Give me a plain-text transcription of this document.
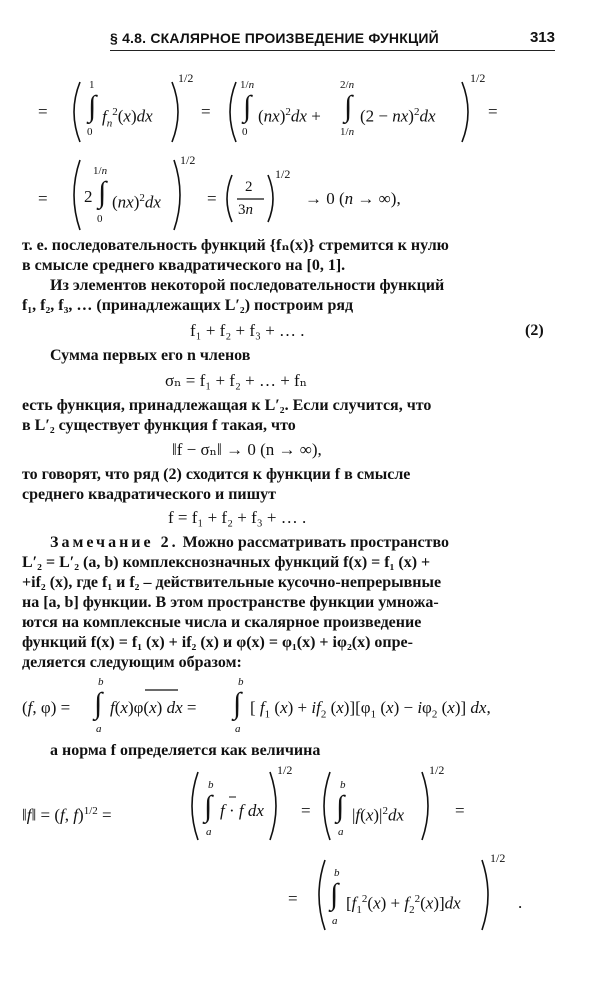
§ 4.8. СКАЛЯРНОЕ ПРОИЗВЕДЕНИЕ ФУНКЦИЙ	313
= ∫
1
0
$f_n^2(x)dx$
1/2
= ∫
1/n
0
(nx)$^2$dx + ∫
2/n
1/n
(2 − nx)$^2$dx
1/2
=
= 2 ∫
1/n
0
(nx)$^2$dx
1/2
=
2
3n
1/2
→ 0 (n → ∞),
т. е. последовательность функций {fₙ(x)} стремится к нулю
в смысле среднего квадратического на [0, 1].
Из элементов некоторой последовательности функций
f₁, f₂, f₃, … (принадлежащих L′₂) построим ряд
f₁ + f₂ + f₃ + … .	(2)
Сумма первых его n членов
σₙ = f₁ + f₂ + … + fₙ
есть функция, принадлежащая к L′₂. Если случится, что
в L′₂ существует функция f такая, что
‖f − σₙ‖ → 0 (n → ∞),
то говорят, что ряд (2) сходится к функции f в смысле
среднего квадратического и пишут
f = f₁ + f₂ + f₃ + … .
Замечание 2. Можно рассматривать пространство
L′₂ = L′₂ (a, b) комплекснозначных функций f(x) = f₁ (x) +
+if₂ (x), где f₁ и f₂ – действительные кусочно-непрерывные
на [a, b] функции. В этом пространстве функции умножа-
ются на комплексные числа и скалярное произведение
функций f(x) = f₁ (x) + if₂ (x) и φ(x) = φ₁(x) + iφ₂(x) опре-
деляется следующим образом:
(f, φ) = ∫
b
a
f(x)φ(x) dx = ∫
b
a
[ $f_1$ $(x) + if_2$ $(x)][\varphi_1$ $(x) - i\varphi_2$ (x)] dx,
а норма f определяется как величина
‖f‖ = (f, f)$^{1/2}$ =	∫
b
a
f · f dx
1/2
= ∫
b
a
$|f(x)|^2dx$
1/2
=
= ∫
b
a
$[f_1^2(x) + f_2^2(x)]dx$
1/2
.
